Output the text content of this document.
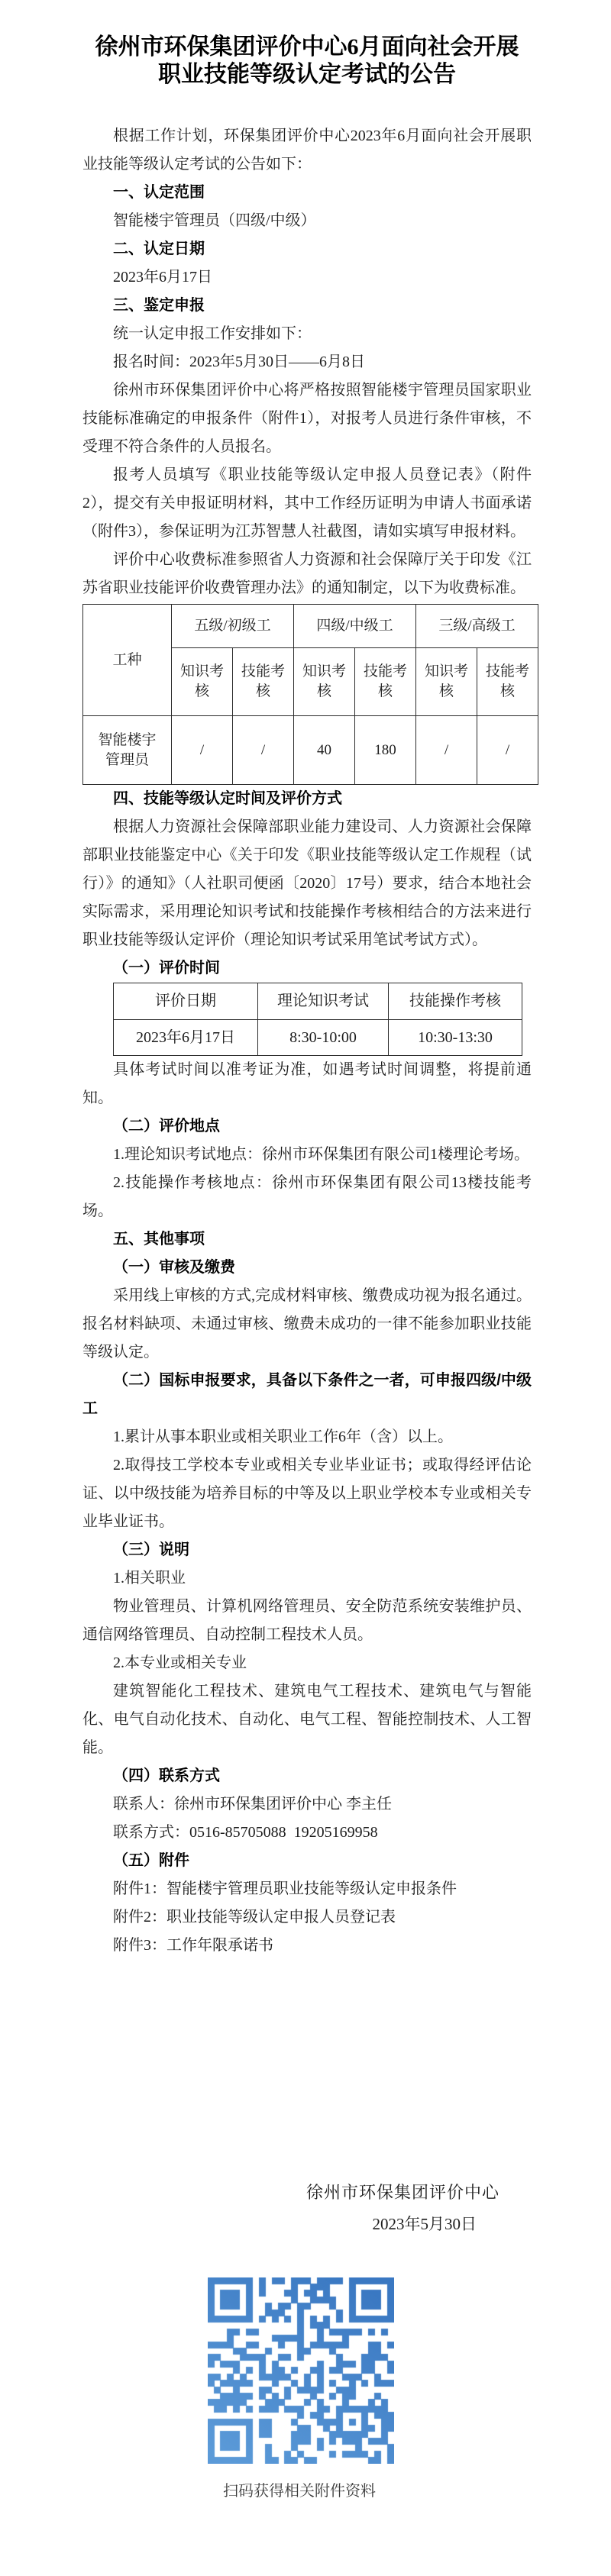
徐州市环保集团评价中心6月面向社会开展
职业技能等级认定考试的公告

根据工作计划，环保集团评价中心2023年6月面向社会开展职业技能等级认定考试的公告如下：

一、认定范围

智能楼宇管理员（四级/中级）

二、认定日期

2023年6月17日

三、鉴定申报

统一认定申报工作安排如下：

报名时间：2023年5月30日——6月8日

徐州市环保集团评价中心将严格按照智能楼宇管理员国家职业技能标准确定的申报条件（附件1），对报考人员进行条件审核，不受理不符合条件的人员报名。

报考人员填写《职业技能等级认定申报人员登记表》（附件2），提交有关申报证明材料，其中工作经历证明为申请人书面承诺（附件3），参保证明为江苏智慧人社截图，请如实填写申报材料。

评价中心收费标准参照省人力资源和社会保障厅关于印发《江苏省职业技能评价收费管理办法》的通知制定，以下为收费标准。

工种	五级/初级工		四级/中级工		三级/高级工	
	知识考核	技能考核	知识考核	技能考核	知识考核	技能考核
智能楼宇管理员	/	/	40	180	/	/

四、技能等级认定时间及评价方式

根据人力资源社会保障部职业能力建设司、人力资源社会保障部职业技能鉴定中心《关于印发《职业技能等级认定工作规程（试行）》的通知》（人社职司便函〔2020〕17号）要求，结合本地社会实际需求，采用理论知识考试和技能操作考核相结合的方法来进行职业技能等级认定评价（理论知识考试采用笔试考试方式）。

（一）评价时间

评价日期	理论知识考试	技能操作考核
2023年6月17日	8:30-10:00	10:30-13:30

具体考试时间以准考证为准，如遇考试时间调整，将提前通知。

（二）评价地点

1.理论知识考试地点：徐州市环保集团有限公司1楼理论考场。

2.技能操作考核地点：徐州市环保集团有限公司13楼技能考场。

五、其他事项

（一）审核及缴费

采用线上审核的方式,完成材料审核、缴费成功视为报名通过。报名材料缺项、未通过审核、缴费未成功的一律不能参加职业技能等级认定。

（二）国标申报要求，具备以下条件之一者，可申报四级/中级工

1.累计从事本职业或相关职业工作6年（含）以上。

2.取得技工学校本专业或相关专业毕业证书；或取得经评估论证、以中级技能为培养目标的中等及以上职业学校本专业或相关专业毕业证书。

（三）说明

1.相关职业

物业管理员、计算机网络管理员、安全防范系统安装维护员、通信网络管理员、自动控制工程技术人员。

2.本专业或相关专业

建筑智能化工程技术、建筑电气工程技术、建筑电气与智能化、电气自动化技术、自动化、电气工程、智能控制技术、人工智能。

（四）联系方式

联系人：徐州市环保集团评价中心 李主任

联系方式：0516-85705088  19205169958

（五）附件

附件1：智能楼宇管理员职业技能等级认定申报条件

附件2：职业技能等级认定申报人员登记表

附件3：工作年限承诺书

徐州市环保集团评价中心
2023年5月30日
扫码获得相关附件资料
